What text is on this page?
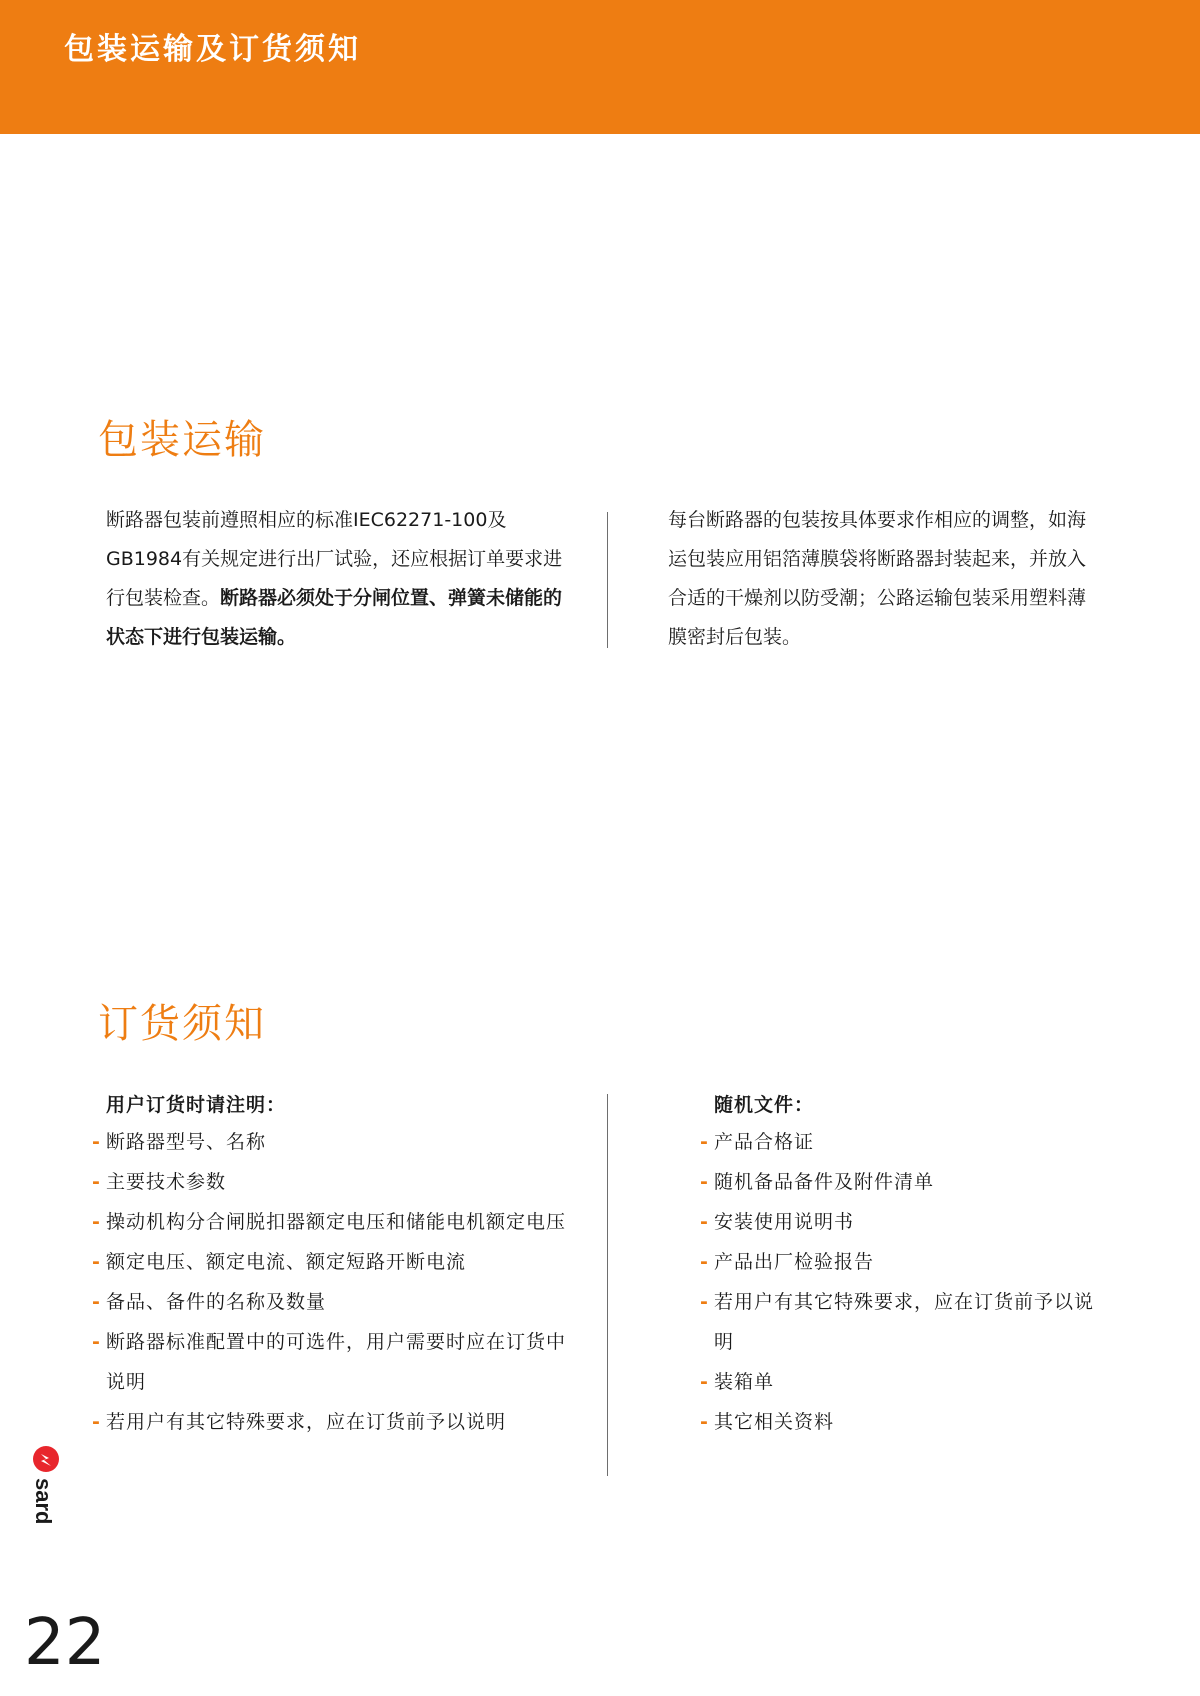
包装运输及订货须知
包装运输

断路器包装前遵照相应的标准IEC62271-100及GB1984有关规定进行出厂试验，还应根据订单要求进行包装检查。断路器必须处于分闸位置、弹簧未储能的状态下进行包装运输。

每台断路器的包装按具体要求作相应的调整，如海运包装应用铝箔薄膜袋将断路器封装起来，并放入合适的干燥剂以防受潮；公路运输包装采用塑料薄膜密封后包装。

订货须知
用户订货时请注明：
- 断路器型号、名称
- 主要技术参数
- 操动机构分合闸脱扣器额定电压和储能电机额定电压
- 额定电压、额定电流、额定短路开断电流
- 备品、备件的名称及数量
- 断路器标准配置中的可选件，用户需要时应在订货中说明
- 若用户有其它特殊要求，应在订货前予以说明
随机文件：
- 产品合格证
- 随机备品备件及附件清单
- 安装使用说明书
- 产品出厂检验报告
- 若用户有其它特殊要求，应在订货前予以说明
- 装箱单
- 其它相关资料
sard
22
